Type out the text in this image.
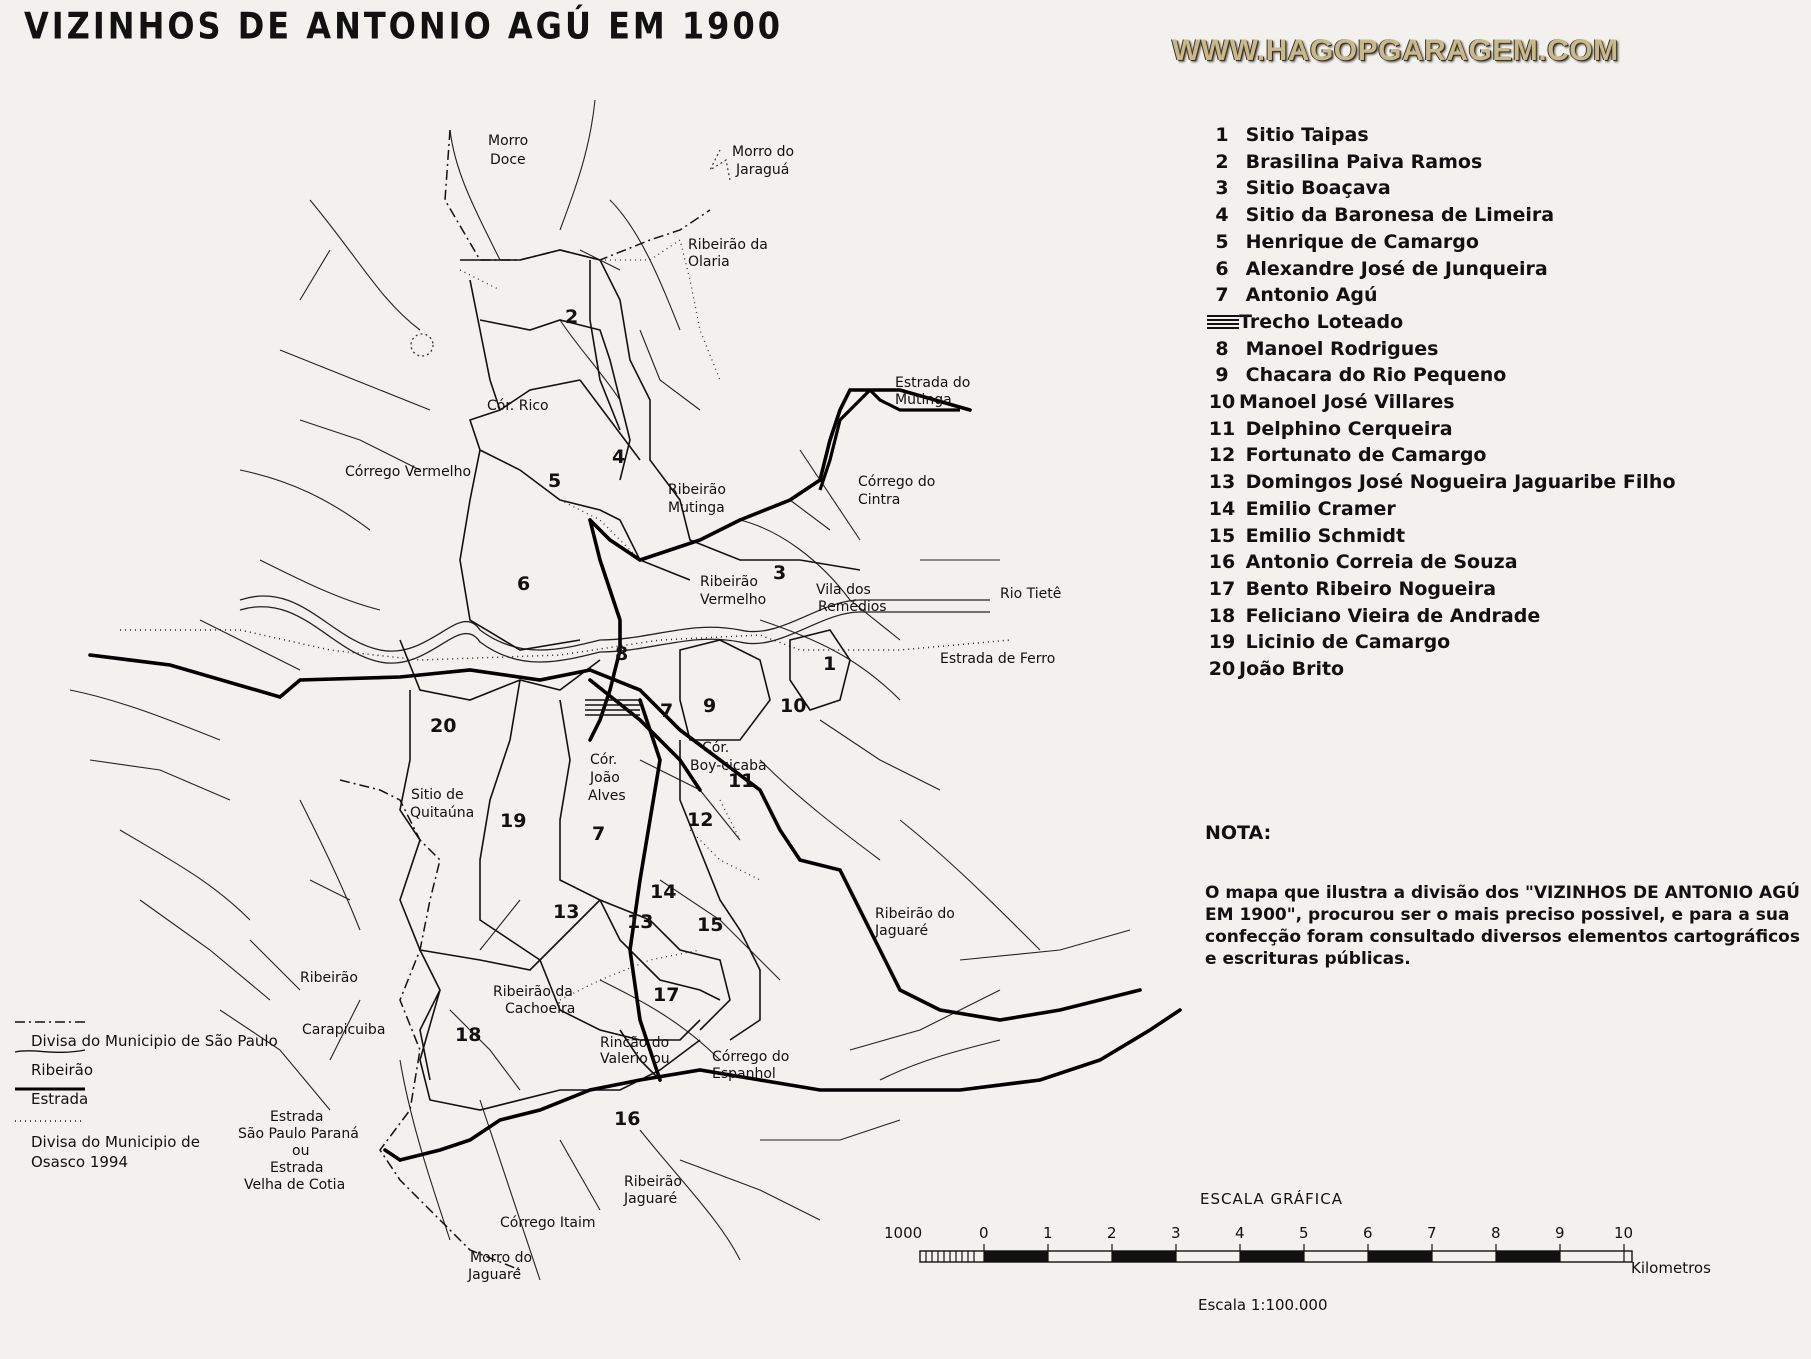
Morro
Doce	Morro do
Jaraguá
Ribeirão da
Olaria
Estrada do
Mutinga
Cór. Rico
Córrego Vermelho
Ribeirão
Mutinga
Córrego do
Cintra
Ribeirão
Vermelho
Vila dos
Remédios
Rio Tietê
Estrada de Ferro
Cór.
João
Alves
Cór.
Boy-cicaba
Sitio de
Quitaúna
Ribeirão do
Jaguaré
Ribeirão
Carapicuiba
Ribeirão da
Cachoeira
Rincão do
Valerio ou	Córrego do
Espanhol
Estrada
São Paulo Paraná
ou
Estrada
Velha de Cotia	Ribeirão
Jaguaré
Córrego Itaim
Morro do
Jaguaré
2
4
5
6	3
8	1
9	10
20
7
11
19	12
7
14
13	13 15
17
18
16
1000	0	1	2	3	4	5	6	7	8	9	10
VIZINHOS DE ANTONIO AGÚ EM 1900
WWW.HAGOPGARAGEM.COM
1 Sitio Taipas
2 Brasilina Paiva Ramos
3 Sitio Boaçava
4 Sitio da Baronesa de Limeira
5 Henrique de Camargo
6 Alexandre José de Junqueira
7 Antonio Agú
Trecho Loteado
8 Manoel Rodrigues
9 Chacara do Rio Pequeno
10 Manoel José Villares
11 Delphino Cerqueira
12 Fortunato de Camargo
13 Domingos José Nogueira Jaguaribe Filho
14 Emilio Cramer
15 Emilio Schmidt
16 Antonio Correia de Souza
17 Bento Ribeiro Nogueira
18 Feliciano Vieira de Andrade
19 Licinio de Camargo
20 João Brito
NOTA:

O mapa que ilustra a divisão dos "VIZINHOS DE ANTONIO AGÚ EM 1900", procurou ser o mais preciso possivel, e para a sua confecção foram consultado diversos elementos cartográficos e escrituras públicas.

Divisa do Municipio de São Paulo
Ribeirão
Estrada
Divisa do Municipio de
Osasco 1994
ESCALA GRÁFICA
Kilometros
Escala 1:100.000
